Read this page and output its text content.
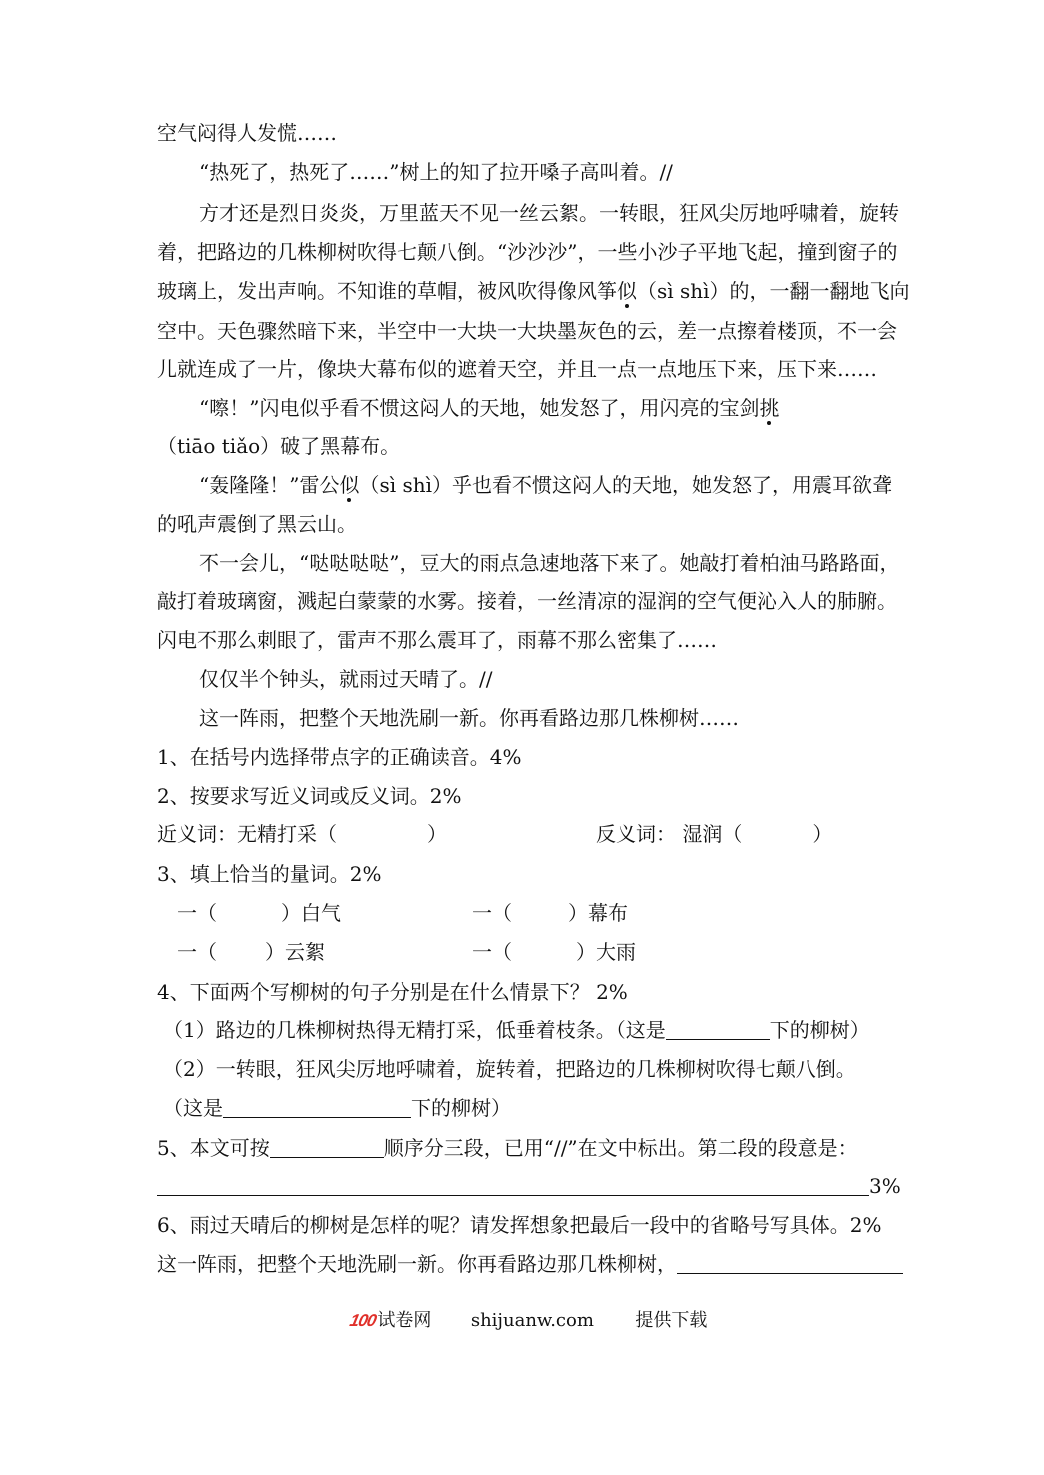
空气闷得人发慌……
“热死了，热死了……”树上的知了拉开嗓子高叫着。//
方才还是烈日炎炎，万里蓝天不见一丝云絮。一转眼，狂风尖厉地呼啸着，旋转
着，把路边的几株柳树吹得七颠八倒。“沙沙沙”，一些小沙子平地飞起，撞到窗子的
玻璃上，发出声响。不知谁的草帽，被风吹得像风筝似（sì shì）的，一翻一翻地飞向
空中。天色骤然暗下来，半空中一大块一大块墨灰色的云，差一点擦着楼顶，不一会
儿就连成了一片，像块大幕布似的遮着天空，并且一点一点地压下来，压下来……
“嚓！”闪电似乎看不惯这闷人的天地，她发怒了，用闪亮的宝剑挑
（tiāo tiǎo）破了黑幕布。
“轰隆隆！”雷公似（sì shì）乎也看不惯这闷人的天地，她发怒了，用震耳欲聋
的吼声震倒了黑云山。
不一会儿，“哒哒哒哒”，豆大的雨点急速地落下来了。她敲打着柏油马路路面，
敲打着玻璃窗，溅起白蒙蒙的水雾。接着，一丝清凉的湿润的空气便沁入人的肺腑。
闪电不那么刺眼了，雷声不那么震耳了，雨幕不那么密集了……
仅仅半个钟头，就雨过天晴了。//
这一阵雨，把整个天地洗刷一新。你再看路边那几株柳树……
1、在括号内选择带点字的正确读音。4%
2、按要求写近义词或反义词。2%
近义词：无精打采（	）	反义词： 湿润（	）
3、填上恰当的量词。2%
一（	）白气	一（	）幕布
一（ ）云絮	一（	）大雨
4、下面两个写柳树的句子分别是在什么情景下？ 2%
（1）路边的几株柳树热得无精打采，低垂着枝条。（这是	下的柳树）
（2）一转眼，狂风尖厉地呼啸着，旋转着，把路边的几株柳树吹得七颠八倒。
（这是	下的柳树）
5、本文可按	顺序分三段，已用“//”在文中标出。第二段的段意是：
3%
6、雨过天晴后的柳树是怎样的呢？请发挥想象把最后一段中的省略号写具体。2%
这一阵雨，把整个天地洗刷一新。你再看路边那几株柳树，
100试卷网 shijuanw.com 提供下载
